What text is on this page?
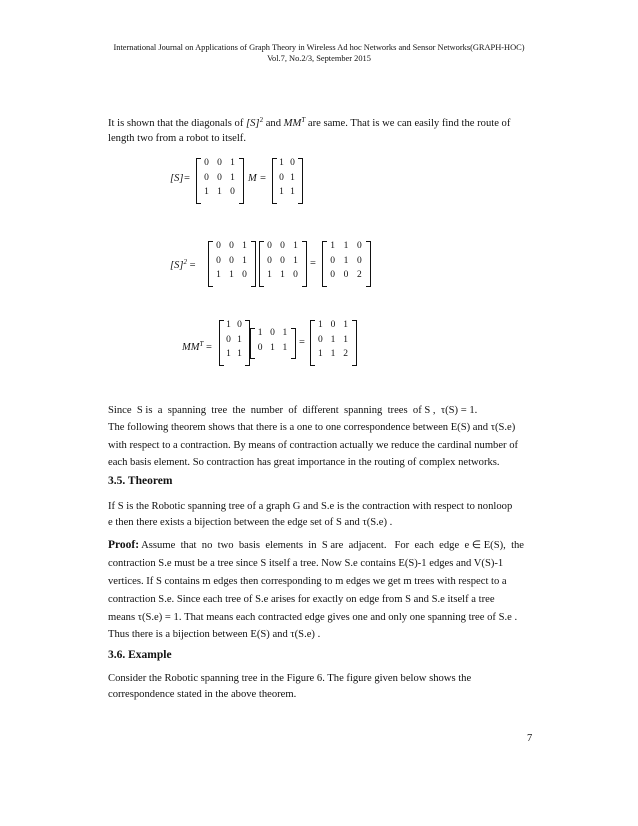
International Journal on Applications of Graph Theory in Wireless Ad hoc Networks and Sensor Networks(GRAPH-HOC)
Vol.7, No.2/3, September 2015
It is shown that the diagonals of $[S]^2$ and $MM^T$ are same. That is we can easily find the route of
length two from a robot to itself.
[S]=
0 0 1
0 0 1
1 1 0
M =
1 0
0 1
1 1
$[S]^2$ =
0 0 1
0 0 1
1 1 0
0 0 1
0 0 1
1 1 0
=
1 1 0
0 1 0
0 0 2
$MM^T$ =
1 0
0 1
1 1
1 0 1
0 1 1	=
1 0 1
0 1 1
1 1 2
Since  S is  a  spanning  tree  the  number  of  different  spanning  trees  of S ,  τ(S) = 1.
The following theorem shows that there is a one to one correspondence between E(S) and τ(S.e)
with respect to a contraction. By means of contraction actually we reduce the cardinal number of
each basis element. So contraction has great importance in the routing of complex networks.
3.5. Theorem
If S is the Robotic spanning tree of a graph G and S.e is the contraction with respect to nonloop
e then there exists a bijection between the edge set of S and τ(S.e) .
Proof: Assume  that  no  two  basis  elements  in  S are  adjacent.   For  each  edge  e ∈ E(S),  the
contraction S.e must be a tree since S itself a tree. Now S.e contains E(S)-1 edges and V(S)-1
vertices. If S contains m edges then corresponding to m edges we get m trees with respect to a
contraction S.e. Since each tree of S.e arises for exactly on edge from S and S.e itself a tree
means τ(S.e) = 1. That means each contracted edge gives one and only one spanning tree of S.e .
Thus there is a bijection between E(S) and τ(S.e) .
3.6. Example
Consider the Robotic spanning tree in the Figure 6. The figure given below shows the
correspondence stated in the above theorem.
7
